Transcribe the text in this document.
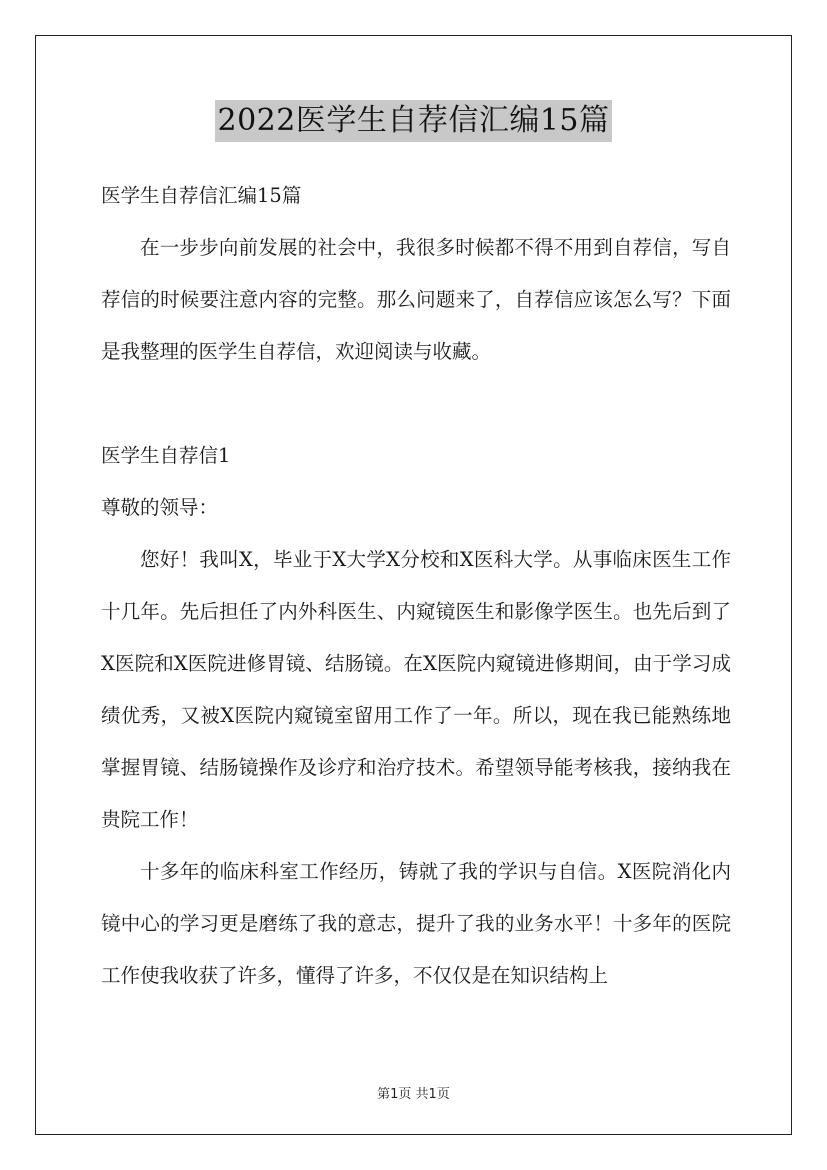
2022医学生自荐信汇编15篇

医学生自荐信汇编15篇

在一步步向前发展的社会中，我很多时候都不得不用到自荐信，写自荐信的时候要注意内容的完整。那么问题来了，自荐信应该怎么写？下面是我整理的医学生自荐信，欢迎阅读与收藏。

医学生自荐信1

尊敬的领导：

您好！我叫X，毕业于X大学X分校和X医科大学。从事临床医生工作十几年。先后担任了内外科医生、内窥镜医生和影像学医生。也先后到了X医院和X医院进修胃镜、结肠镜。在X医院内窥镜进修期间，由于学习成绩优秀，又被X医院内窥镜室留用工作了一年。所以，现在我已能熟练地掌握胃镜、结肠镜操作及诊疗和治疗技术。希望领导能考核我，接纳我在贵院工作！

十多年的临床科室工作经历，铸就了我的学识与自信。X医院消化内镜中心的学习更是磨练了我的意志，提升了我的业务水平！十多年的医院工作使我收获了许多，懂得了许多，不仅仅是在知识结构上

第1页 共1页
